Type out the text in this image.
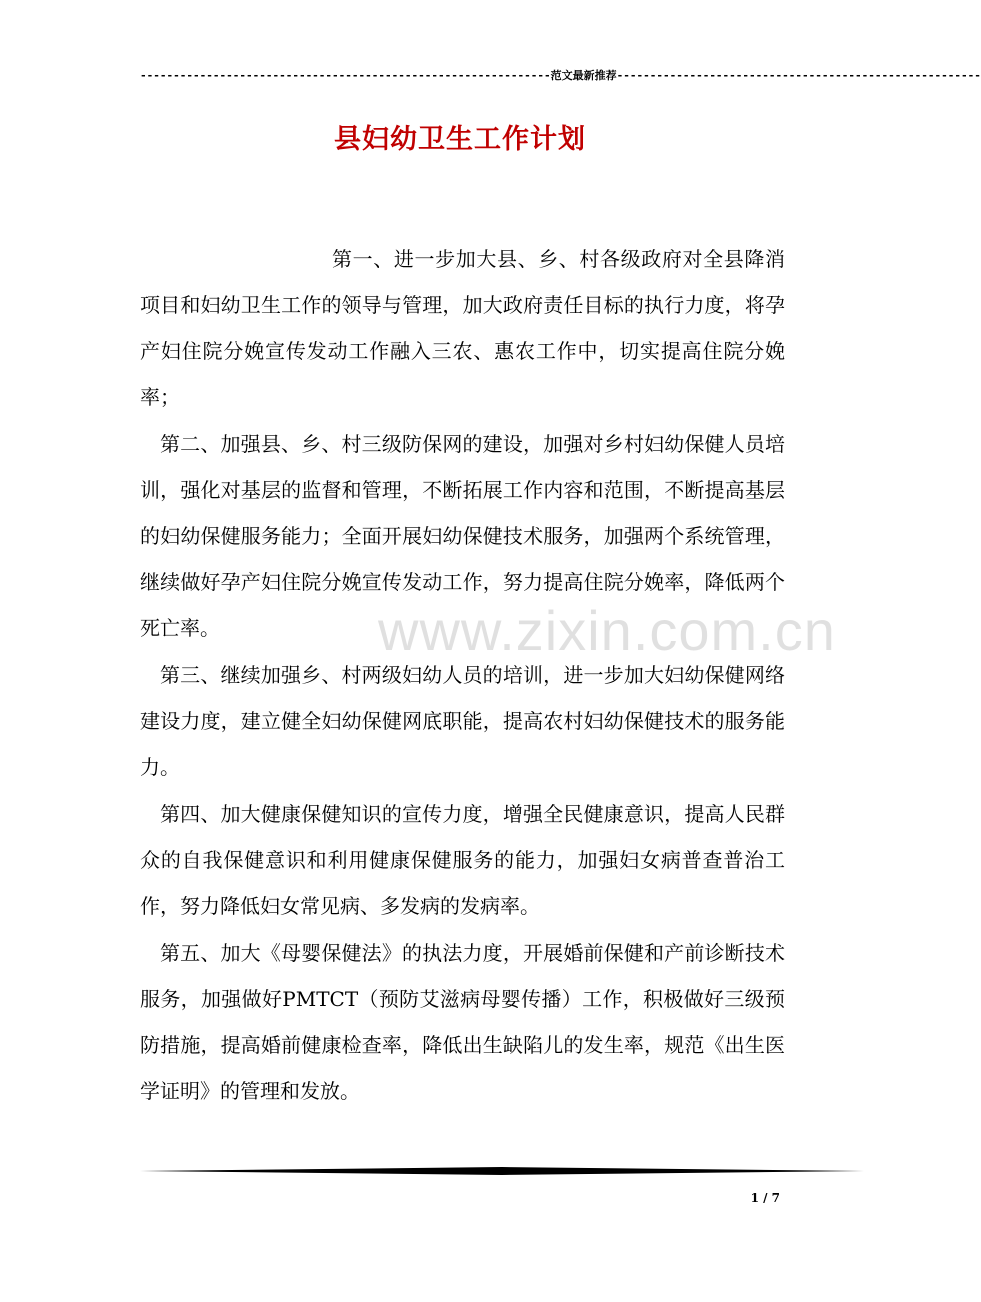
--------------------------------------------------------------范文最新推荐-------------------------------------------------------
县妇幼卫生工作计划

第一、进一步加大县、乡、村各级政府对全县降消项目和妇幼卫生工作的领导与管理，加大政府责任目标的执行力度，将孕产妇住院分娩宣传发动工作融入三农、惠农工作中，切实提高住院分娩率；

第二、加强县、乡、村三级防保网的建设，加强对乡村妇幼保健人员培训，强化对基层的监督和管理，不断拓展工作内容和范围，不断提高基层的妇幼保健服务能力；全面开展妇幼保健技术服务，加强两个系统管理，继续做好孕产妇住院分娩宣传发动工作，努力提高住院分娩率，降低两个死亡率。

第三、继续加强乡、村两级妇幼人员的培训，进一步加大妇幼保健网络建设力度，建立健全妇幼保健网底职能，提高农村妇幼保健技术的服务能力。

第四、加大健康保健知识的宣传力度，增强全民健康意识，提高人民群众的自我保健意识和利用健康保健服务的能力，加强妇女病普查普治工作，努力降低妇女常见病、多发病的发病率。

第五、加大《母婴保健法》的执法力度，开展婚前保健和产前诊断技术服务，加强做好PMTCT（预防艾滋病母婴传播）工作，积极做好三级预防措施，提高婚前健康检查率，降低出生缺陷儿的发生率，规范《出生医学证明》的管理和发放。

www.zixin.com.cn
1 / 7
